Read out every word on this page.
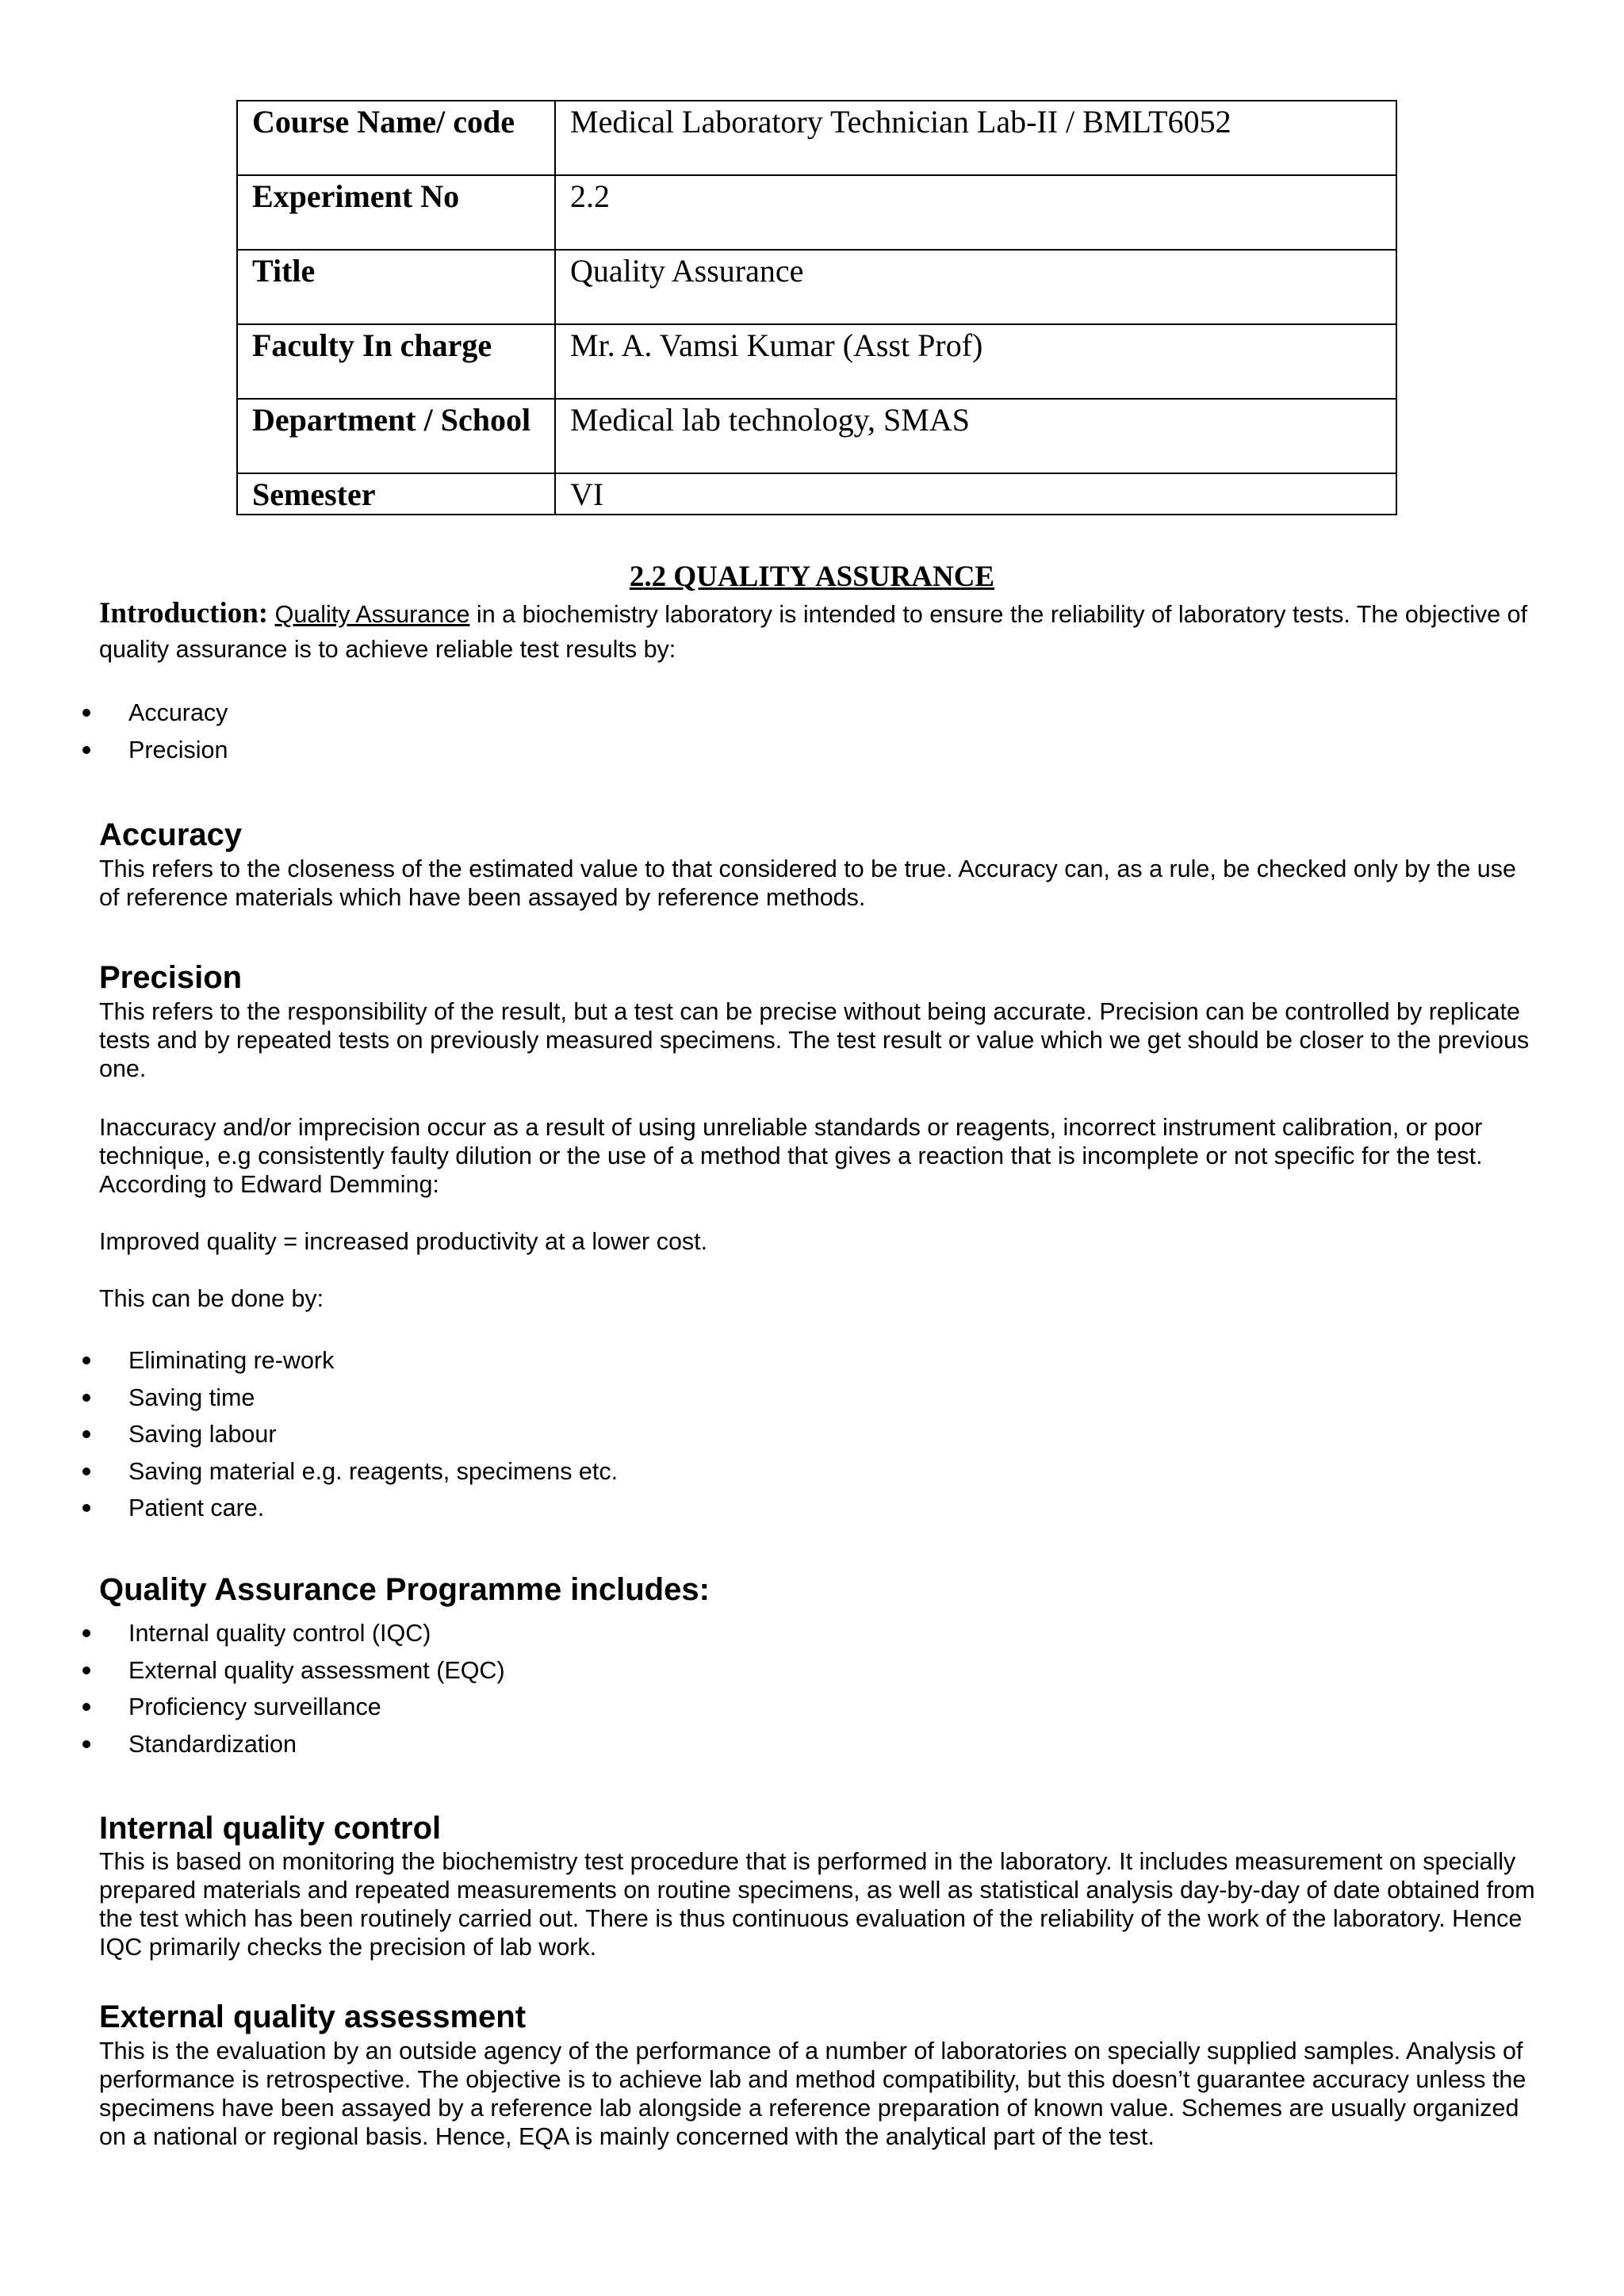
Course Name/ code	Medical Laboratory Technician Lab-II / BMLT6052
Experiment No	2.2
Title	Quality Assurance
Faculty In charge	Mr. A. Vamsi Kumar (Asst Prof)
Department / School	Medical lab technology, SMAS
Semester	VI
2.2 QUALITY ASSURANCE
Introduction: Quality Assurance in a biochemistry laboratory is intended to ensure the reliability of laboratory tests. The objective of quality assurance is to achieve reliable test results by:
Accuracy
Precision
Accuracy
This refers to the closeness of the estimated value to that considered to be true. Accuracy can, as a rule, be checked only by the use of reference materials which have been assayed by reference methods.
Precision
This refers to the responsibility of the result, but a test can be precise without being accurate. Precision can be controlled by replicate tests and by repeated tests on previously measured specimens. The test result or value which we get should be closer to the previous one.
Inaccuracy and/or imprecision occur as a result of using unreliable standards or reagents, incorrect instrument calibration, or poor technique, e.g consistently faulty dilution or the use of a method that gives a reaction that is incomplete or not specific for the test. According to Edward Demming:
Improved quality = increased productivity at a lower cost.
This can be done by:
Eliminating re-work
Saving time
Saving labour
Saving material e.g. reagents, specimens etc.
Patient care.
Quality Assurance Programme includes:
Internal quality control (IQC)
External quality assessment (EQC)
Proficiency surveillance
Standardization
Internal quality control
This is based on monitoring the biochemistry test procedure that is performed in the laboratory. It includes measurement on specially prepared materials and repeated measurements on routine specimens, as well as statistical analysis day-by-day of date obtained from the test which has been routinely carried out. There is thus continuous evaluation of the reliability of the work of the laboratory. Hence IQC primarily checks the precision of lab work.
External quality assessment
This is the evaluation by an outside agency of the performance of a number of laboratories on specially supplied samples. Analysis of performance is retrospective. The objective is to achieve lab and method compatibility, but this doesn’t guarantee accuracy unless the specimens have been assayed by a reference lab alongside a reference preparation of known value. Schemes are usually organized on a national or regional basis. Hence, EQA is mainly concerned with the analytical part of the test.
